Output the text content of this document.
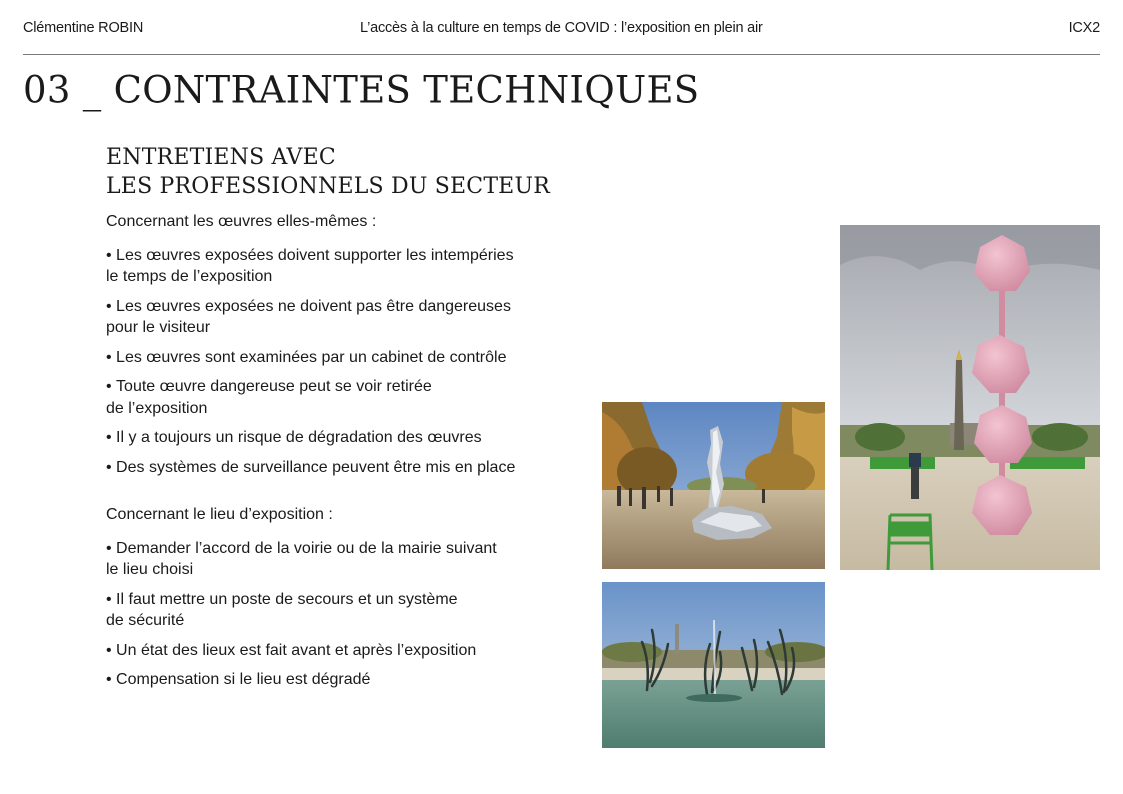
Clémentine ROBIN	L’accès à la culture en temps de COVID : l’exposition en plein air	ICX2
03 _ CONTRAINTES TECHNIQUES
ENTRETIENS AVEC
LES PROFESSIONNELS DU SECTEUR
Concernant les œuvres elles-mêmes :
• Les œuvres exposées doivent supporter les intempéries
le temps de l’exposition
• Les œuvres exposées ne doivent pas être dangereuses
pour le visiteur
• Les œuvres sont examinées par un cabinet de contrôle
• Toute œuvre dangereuse peut se voir retirée
de l’exposition
• Il y a toujours un risque de dégradation des œuvres
• Des systèmes de surveillance peuvent être mis en place
Concernant le lieu d’exposition :
• Demander l’accord de la voirie ou de la mairie suivant
le lieu choisi
• Il faut mettre un poste de secours et un système
de sécurité
• Un état des lieux est fait avant et après l’exposition
• Compensation si le lieu est dégradé
